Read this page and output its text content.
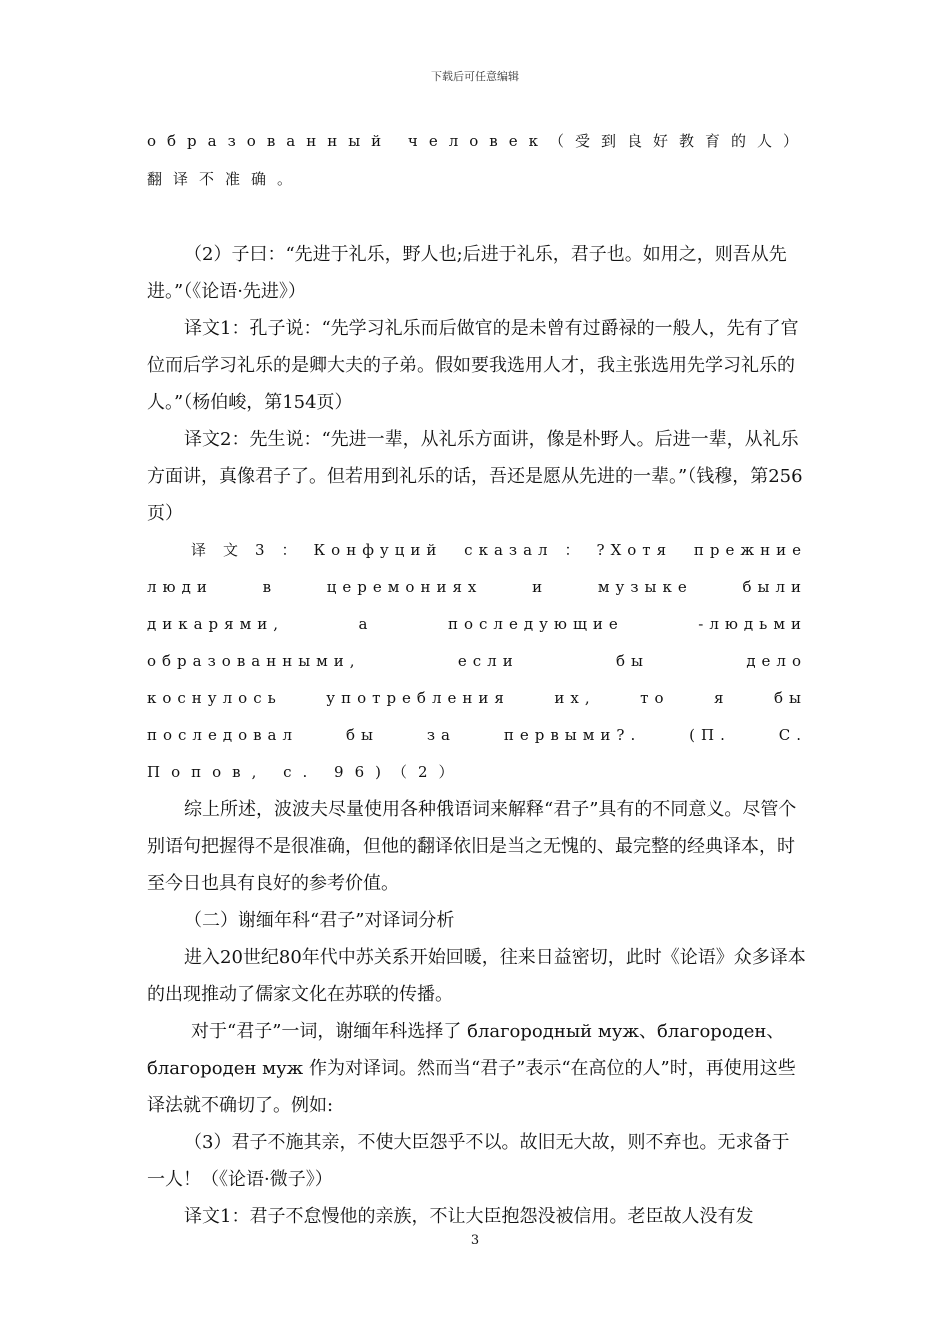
下载后可任意编辑

образованный человек（受到良好教育的人）翻译不准确。

（2）子曰：“先进于礼乐，野人也;后进于礼乐，君子也。如用之，则吾从先进。”（《论语·先进》）

译文1：孔子说：“先学习礼乐而后做官的是未曾有过爵禄的一般人，先有了官位而后学习礼乐的是卿大夫的子弟。假如要我选用人才，我主张选用先学习礼乐的人。”（杨伯峻，第154页）

译文2：先生说：“先进一辈，从礼乐方面讲，像是朴野人。后进一辈，从礼乐方面讲，真像君子了。但若用到礼乐的话，吾还是愿从先进的一辈。”（钱穆，第256页）

译文3：Конфуций сказал：?Хотя прежние

люди в церемониях и музыке были

дикарями, а последующие -людьми

образованными, если бы дело

коснулось употребления их, то я бы

последовал бы за первыми?. (П. С.

Попов, с. 96)（2）

综上所述，波波夫尽量使用各种俄语词来解释“君子”具有的不同意义。尽管个别语句把握得不是很准确，但他的翻译依旧是当之无愧的、最完整的经典译本，时至今日也具有良好的参考价值。

（二）谢缅年科“君子”对译词分析

进入20世纪80年代中苏关系开始回暖，往来日益密切，此时《论语》众多译本的出现推动了儒家文化在苏联的传播。

对于“君子”一词，谢缅年科选择了 благородный муж、благороден、благороден муж 作为对译词。然而当“君子”表示“在高位的人”时，再使用这些译法就不确切了。例如:

（3）君子不施其亲，不使大臣怨乎不以。故旧无大故，则不弃也。无求备于一人！（《论语·微子》）

译文1：君子不怠慢他的亲族，不让大臣抱怨没被信用。老臣故人没有发

3
